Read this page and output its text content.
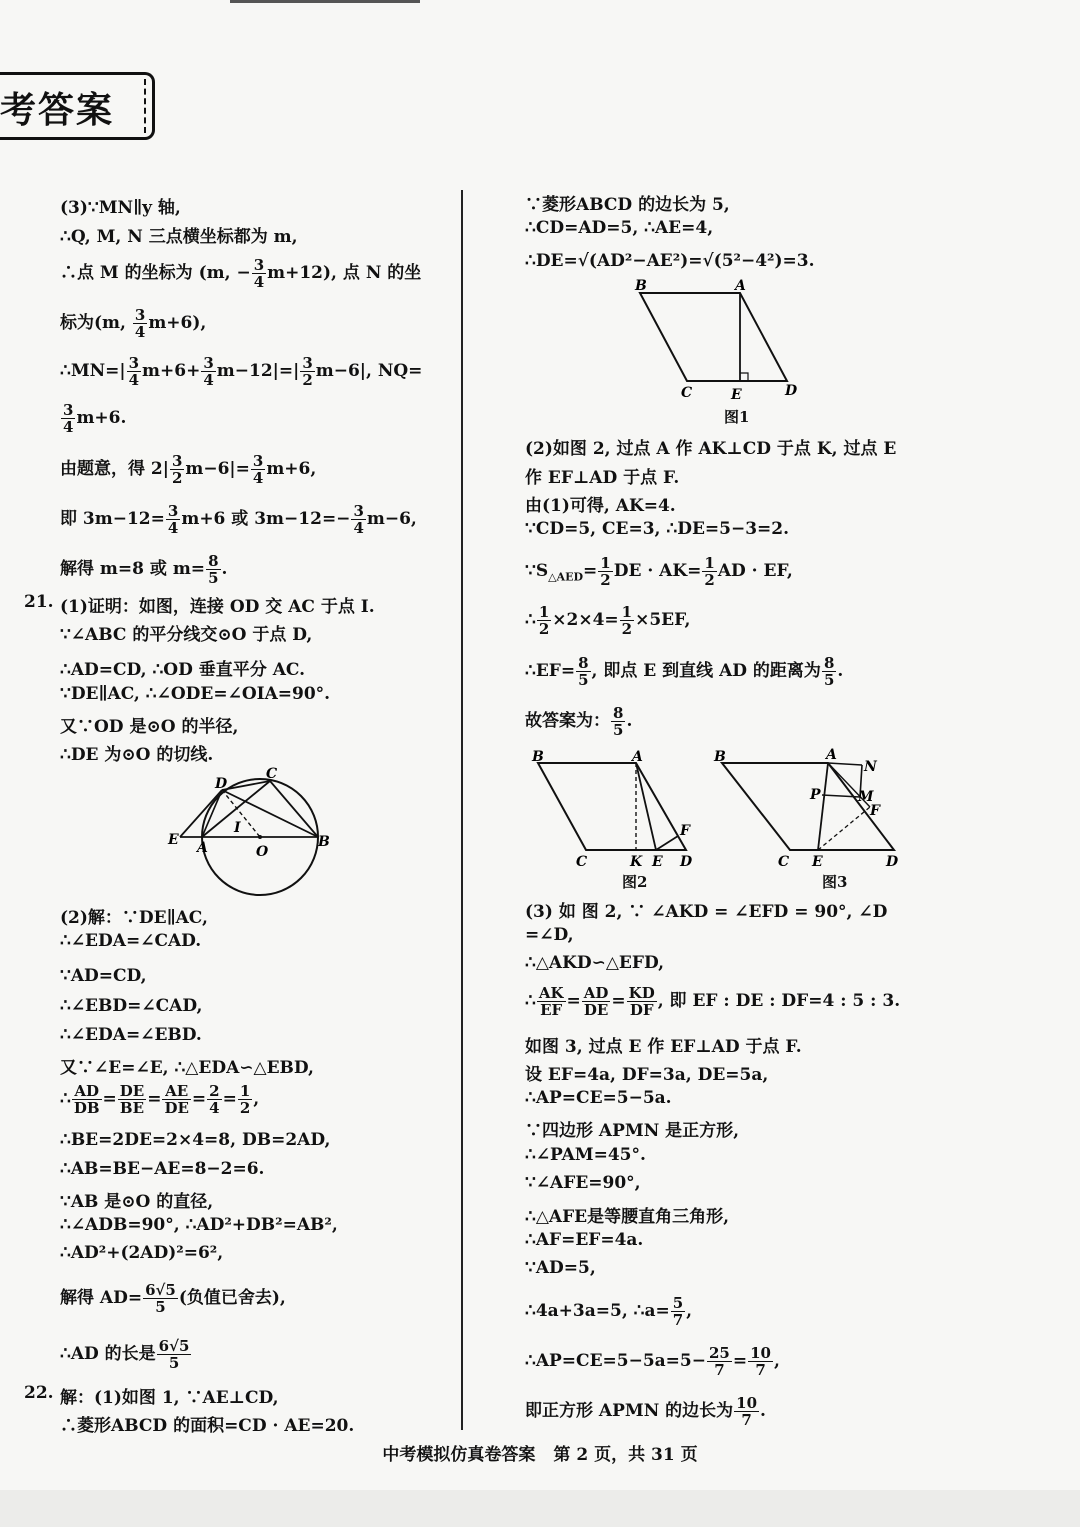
考答案
(3)∵MN∥y 轴,
∴Q, M, N 三点横坐标都为 m,
∴点 M 的坐标为 (m, − $\frac{3}{4} m+12$), 点 N 的坐
标为(m, $\frac{3}{4} m+6$),
∴MN=| $\frac{3}{4} m+6+ \frac{3}{4} m-12|=| \frac{3}{2} m-6|$, NQ=
$\frac{3}{4} m+6$.
由题意，得 $2| \frac{3}{2} m-6|= \frac{3}{4} m+6$,
即 $3m-12= \frac{3}{4} m+6$ 或 $3m-12=- \frac{3}{4} m-6$,
解得 m=8 或 $m= \frac{8}{5}$ .
21. (1)证明：如图，连接 OD 交 AC 于点 I.
∵∠ABC 的平分线交⊙O 于点 D,
∴AD=CD, ∴OD 垂直平分 AC.
∵DE∥AC, ∴∠ODE=∠OIA=90°.
又∵OD 是⊙O 的半径,
∴DE 为⊙O 的切线.
(2)解：∵DE∥AC,
∴∠EDA=∠CAD.
∵AD=CD,
∴∠EBD=∠CAD,
∴∠EDA=∠EBD.
又∵∠E=∠E, ∴△EDA∽△EBD,
∴ $\frac{AD}{DB} = \frac{DE}{BE} = \frac{AE}{DE} = \frac{2}{4} = \frac{1}{2}$ ,
∴BE=2DE=2×4=8, DB=2AD,
∴AB=BE−AE=8−2=6.
∵AB 是⊙O 的直径,
∴∠ADB=90°, ∴AD²+DB²=AB²,
∴AD²+(2AD)²=6²,
解得 $AD= \frac{6√5}{5}$ (负值已舍去),
∴AD 的长是 $\frac{6√5}{5}$
22. 解：(1)如图 1, ∵AE⊥CD,
∴菱形ABCD 的面积=CD · AE=20.
E A
D
C
I
O
B
∵菱形ABCD 的边长为 5,
∴CD=AD=5, ∴AE=4,
∴DE=√(AD²−AE²)=√(5²−4²)=3.
(2)如图 2, 过点 A 作 AK⊥CD 于点 K, 过点 E
作 EF⊥AD 于点 F.
由(1)可得, AK=4.
∵CD=5, CE=3, ∴DE=5−3=2.
$\because S_{\triangle AED}= \frac{1}{2}$ DE · $AK= \frac{1}{2}$ AD · EF,
∴ $\frac{1}{2} \times 2\times 4= \frac{1}{2} \times 5EF$,
∴EF= $\frac{8}{5}$ , 即点 E 到直线 AD 的距离为 $\frac{8}{5}$ .
故答案为： $\frac{8}{5}$ .
(3) 如 图 2, ∵ ∠AKD = ∠EFD = 90°, ∠D
=∠D,
∴△AKD∽△EFD,
∴ $\frac{AK}{EF} = \frac{AD}{DE} = \frac{KD}{DF}$ , 即 EF : DE : DF=4 : 5 : 3.
如图 3, 过点 E 作 EF⊥AD 于点 F.
设 EF=4a, DF=3a, DE=5a,
∴AP=CE=5−5a.
∵四边形 APMN 是正方形,
∴∠PAM=45°.
∵∠AFE=90°,
∴△AFE是等腰直角三角形,
∴AF=EF=4a.
∵AD=5,
∴4a+3a=5, ∴a= $\frac{5}{7}$ ,
∴AP=CE=5−5a=5− $\frac{25}{7} = \frac{10}{7}$ ,
即正方形 APMN 的边长为 $\frac{10}{7}$ .
B	A
C	E	D
图1
B	A
C	K E D
F
图2
B	A
N
P	M
F
C E	D
图3
中考模拟仿真卷答案 第 2 页，共 31 页
